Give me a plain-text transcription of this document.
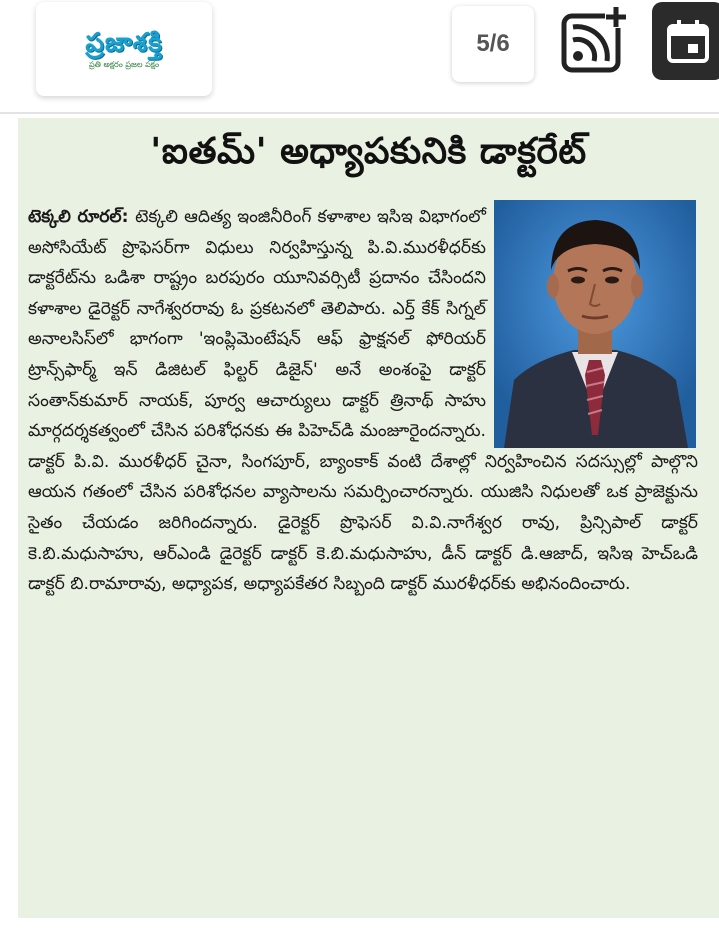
ప్రజాశక్తి
ప్రతి అక్షరం ప్రజల పక్షం
5/6
'ఐతమ్' అధ్యాపకునికి డాక్టరేట్
టెక్కలి రూరల్: టెక్కలి ఆదిత్య ఇంజినీరింగ్ కళాశాల ఇసిఇ విభాగంలో అసోసియేట్ ప్రొఫెసర్‌గా విధులు నిర్వహిస్తున్న పి.వి.మురళీధర్‌కు డాక్టరేట్‌ను ఒడిశా రాష్ట్రం బరపురం యూనివర్సిటీ ప్రదానం చేసిందని కళాశాల డైరెక్టర్ నాగేశ్వరరావు ఓ ప్రకటనలో తెలిపారు. ఎర్త్ కేక్ సిగ్నల్ అనాలసిస్‌లో భాగంగా 'ఇంప్లిమెంటేషన్ ఆఫ్ ఫ్రాక్షనల్ ఫోరియర్ ట్రాన్స్‌ఫార్మ్ ఇన్ డిజిటల్ ఫిల్టర్ డిజైన్' అనే అంశంపై డాక్టర్ సంతాన్‌కుమార్ నాయక్, పూర్వ ఆచార్యులు డాక్టర్ త్రినాథ్ సాహు మార్గదర్శకత్వంలో చేసిన పరిశోధనకు ఈ పిహెచ్‌డి మంజూరైందన్నారు. డాక్టర్ పి.వి. మురళీధర్ చైనా, సింగపూర్, బ్యాంకాక్ వంటి దేశాల్లో నిర్వహించిన సదస్సుల్లో పాల్గొని ఆయన గతంలో చేసిన పరిశోధనల వ్యాసాలను సమర్పించారన్నారు. యుజిసి నిధులతో ఒక ప్రాజెక్టును సైతం చేయడం జరిగిందన్నారు. డైరెక్టర్ ప్రొఫెసర్ వి.వి.నాగేశ్వర రావు, ప్రిన్సిపాల్ డాక్టర్ కె.బి.మధుసాహు, ఆర్‌ఎండి డైరెక్టర్ డాక్టర్ కె.బి.మధుసాహు, డీన్ డాక్టర్ డి.ఆజాద్, ఇసిఇ హెచ్‌ఒడి డాక్టర్ బి.రామారావు, అధ్యాపక, అధ్యాపకేతర సిబ్బంది డాక్టర్ మురళీధర్‌కు అభినందించారు.
